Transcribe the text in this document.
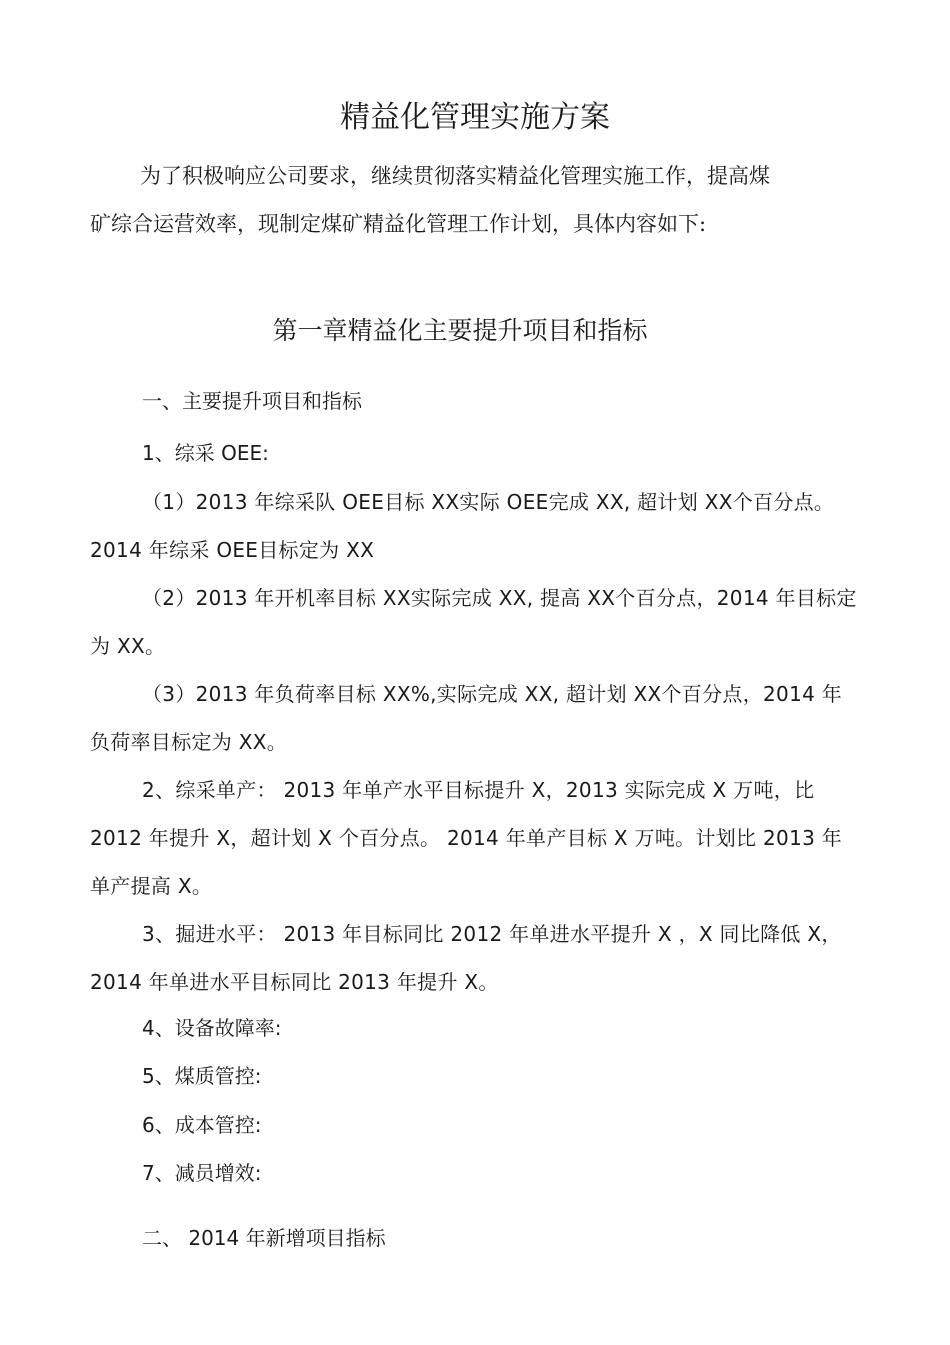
精益化管理实施方案
为了积极响应公司要求，继续贯彻落实精益化管理实施工作，提高煤矿综合运营效率，现制定煤矿精益化管理工作计划，具体内容如下:
第一章精益化主要提升项目和指标
一、主要提升项目和指标
1、综采 OEE:
（1）2013 年综采队 OEE目标 XX实际 OEE完成 XX, 超计划 XX个百分点。 2014 年综采 OEE目标定为 XX
（2）2013 年开机率目标 XX实际完成 XX, 提高 XX个百分点，2014 年目标定为 XX。
（3）2013 年负荷率目标 XX%,实际完成 XX, 超计划 XX个百分点，2014 年负荷率目标定为 XX。
2、综采单产： 2013 年单产水平目标提升 X，2013 实际完成 X 万吨，比 2012 年提升 X，超计划 X 个百分点。 2014 年单产目标 X 万吨。计划比 2013 年单产提高 X。
3、掘进水平： 2013 年目标同比 2012 年单进水平提升 X ，X 同比降低 X，2014 年单进水平目标同比 2013 年提升 X。
4、设备故障率:
5、煤质管控:
6、成本管控:
7、减员增效:
二、 2014 年新增项目指标
